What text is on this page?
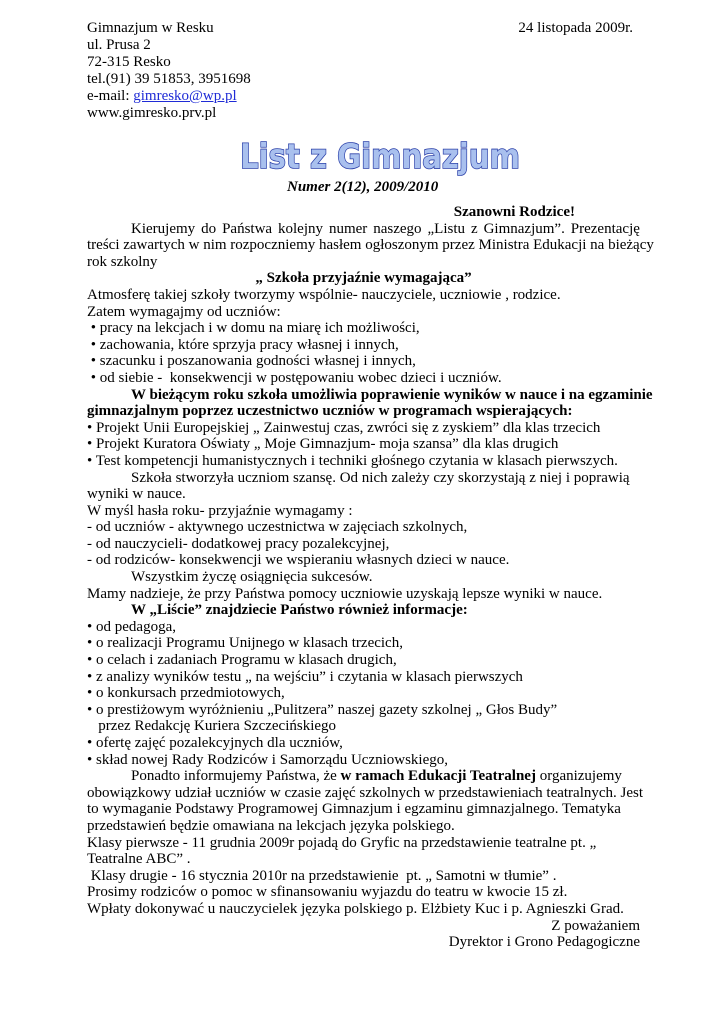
Gimnazjum w Resku
ul. Prusa 2
72-315 Resko
tel.(91) 39 51853, 3951698
e-mail: gimresko@wp.pl
www.gimresko.prv.pl
24 listopada 2009r.
List z Gimnazjum
Numer 2(12), 2009/2010
Szanowni Rodzice!
Kierujemy do Państwa kolejny numer naszego „Listu z Gimnazjum”. Prezentację
treści zawartych w nim rozpoczniemy hasłem ogłoszonym przez Ministra Edukacji na bieżący
rok szkolny
„ Szkoła przyjaźnie wymagająca”
Atmosferę takiej szkoły tworzymy wspólnie- nauczyciele, uczniowie , rodzice.
Zatem wymagajmy od uczniów:
• pracy na lekcjach i w domu na miarę ich możliwości,
• zachowania, które sprzyja pracy własnej i innych,
• szacunku i poszanowania godności własnej i innych,
• od siebie -  konsekwencji w postępowaniu wobec dzieci i uczniów.
W bieżącym roku szkoła umożliwia poprawienie wyników w nauce i na egzaminie
gimnazjalnym poprzez uczestnictwo uczniów w programach wspierających:
• Projekt Unii Europejskiej „ Zainwestuj czas, zwróci się z zyskiem” dla klas trzecich
• Projekt Kuratora Oświaty „ Moje Gimnazjum- moja szansa” dla klas drugich
• Test kompetencji humanistycznych i techniki głośnego czytania w klasach pierwszych.
Szkoła stworzyła uczniom szansę. Od nich zależy czy skorzystają z niej i poprawią
wyniki w nauce.
W myśl hasła roku- przyjaźnie wymagamy :
- od uczniów - aktywnego uczestnictwa w zajęciach szkolnych,
- od nauczycieli- dodatkowej pracy pozalekcyjnej,
- od rodziców- konsekwencji we wspieraniu własnych dzieci w nauce.
Wszystkim życzę osiągnięcia sukcesów.
Mamy nadzieje, że przy Państwa pomocy uczniowie uzyskają lepsze wyniki w nauce.
W „Liście” znajdziecie Państwo również informacje:
• od pedagoga,
• o realizacji Programu Unijnego w klasach trzecich,
• o celach i zadaniach Programu w klasach drugich,
• z analizy wyników testu „ na wejściu” i czytania w klasach pierwszych
• o konkursach przedmiotowych,
• o prestiżowym wyróżnieniu „Pulitzera” naszej gazety szkolnej „ Głos Budy”
przez Redakcję Kuriera Szczecińskiego
• ofertę zajęć pozalekcyjnych dla uczniów,
• skład nowej Rady Rodziców i Samorządu Uczniowskiego,
Ponadto informujemy Państwa, że w ramach Edukacji Teatralnej organizujemy
obowiązkowy udział uczniów w czasie zajęć szkolnych w przedstawieniach teatralnych. Jest
to wymaganie Podstawy Programowej Gimnazjum i egzaminu gimnazjalnego. Tematyka
przedstawień będzie omawiana na lekcjach języka polskiego.
Klasy pierwsze - 11 grudnia 2009r pojadą do Gryfic na przedstawienie teatralne pt. „
Teatralne ABC” .
Klasy drugie - 16 stycznia 2010r na przedstawienie  pt. „ Samotni w tłumie” .
Prosimy rodziców o pomoc w sfinansowaniu wyjazdu do teatru w kwocie 15 zł.
Wpłaty dokonywać u nauczycielek języka polskiego p. Elżbiety Kuc i p. Agnieszki Grad.
Z poważaniem
Dyrektor i Grono Pedagogiczne
